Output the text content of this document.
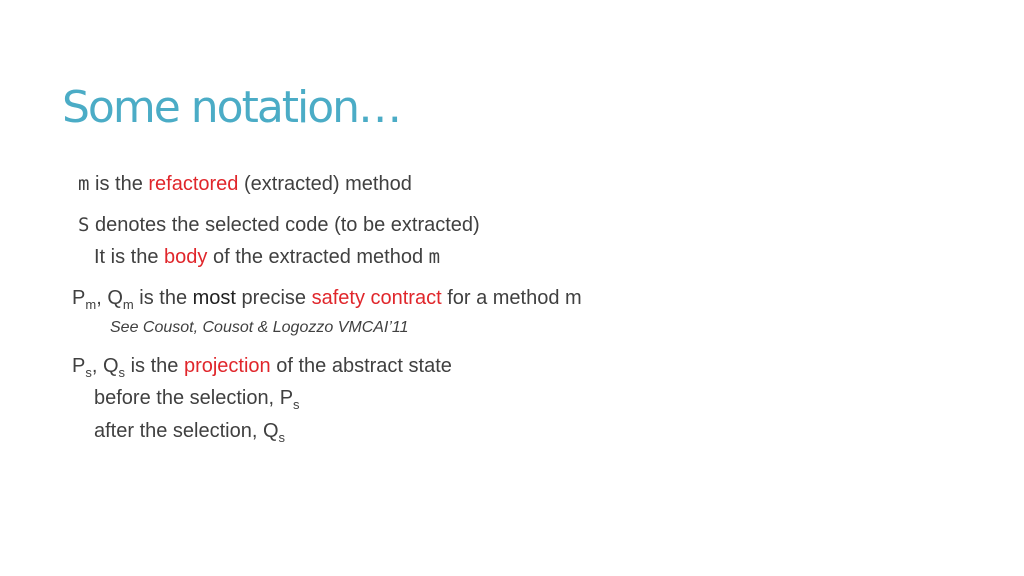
Some notation…
m is the refactored (extracted) method
S denotes the selected code (to be extracted)
It is the body of the extracted method m
$P_m$, $Q_m$ is the most precise safety contract for a method m
See Cousot, Cousot & Logozzo VMCAI’11
$P_s$, $Q_s$ is the projection of the abstract state
before the selection, $P_s$
after the selection, $Q_s$
